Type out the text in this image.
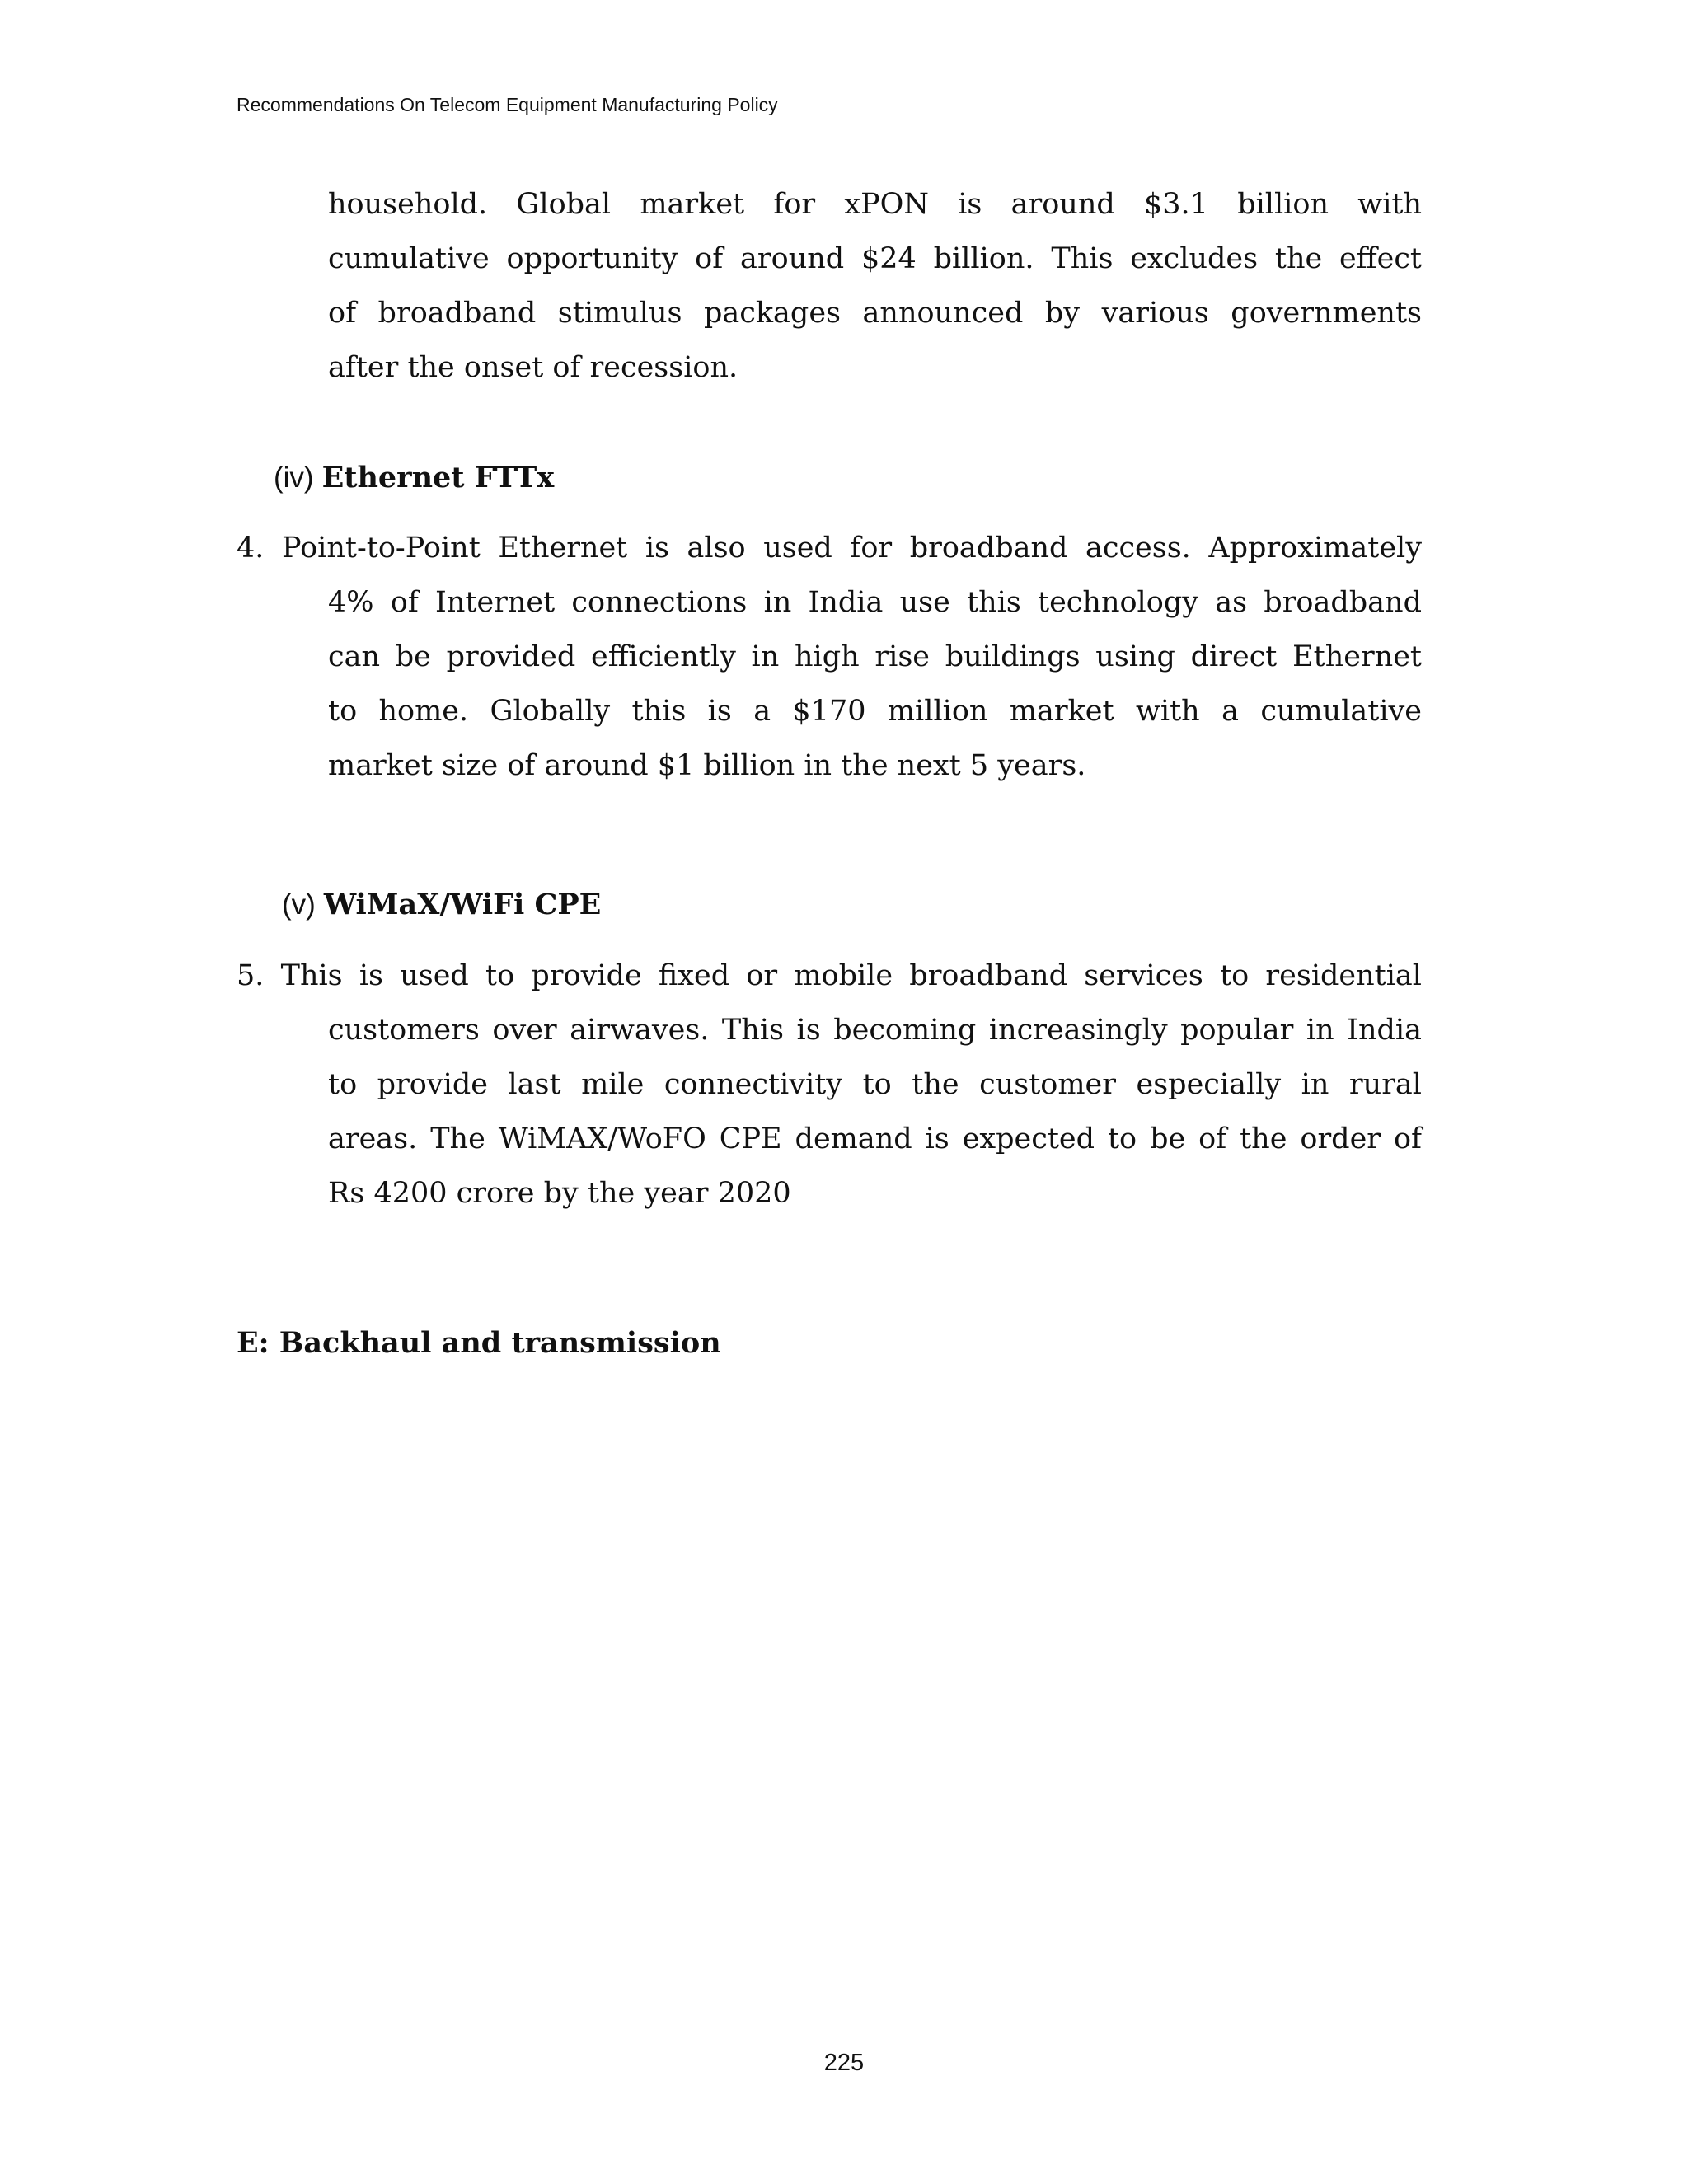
Recommendations On Telecom Equipment Manufacturing Policy
household. Global market for xPON is around $3.1 billion with
cumulative opportunity of around $24 billion. This excludes the effect
of broadband stimulus packages announced by various governments
after the onset of recession.
(iv) Ethernet FTTx
4. Point-to-Point Ethernet is also used for broadband access. Approximately
4% of Internet connections in India use this technology as broadband
can be provided efficiently in high rise buildings using direct Ethernet
to home. Globally this is a $170 million market with a cumulative
market size of around $1 billion in the next 5 years.
(v) WiMaX/WiFi CPE
5. This is used to provide fixed or mobile broadband services to residential
customers over airwaves. This is becoming increasingly popular in India
to provide last mile connectivity to the customer especially in rural
areas. The WiMAX/WoFO CPE demand is expected to be of the order of
Rs 4200 crore by the year 2020
E: Backhaul and transmission
225
